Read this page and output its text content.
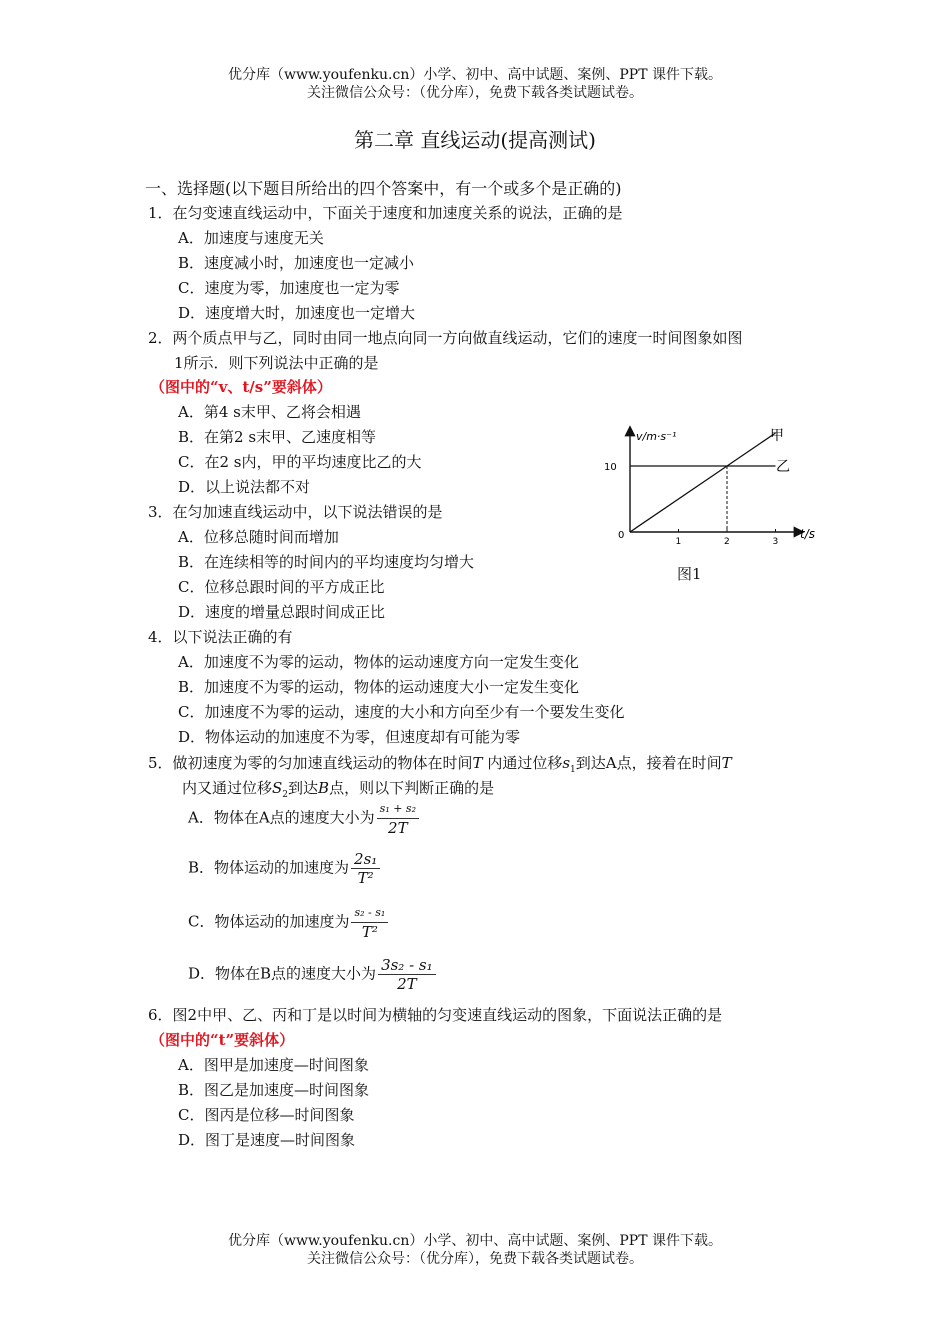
优分库（www.youfenku.cn）小学、初中、高中试题、案例、PPT 课件下载。
关注微信公众号：（优分库），免费下载各类试题试卷。
第二章 直线运动(提高测试)
一、选择题(以下题目所给出的四个答案中，有一个或多个是正确的)
1．在匀变速直线运动中，下面关于速度和加速度关系的说法，正确的是
A．加速度与速度无关
B．速度减小时，加速度也一定减小
C．速度为零，加速度也一定为零
D．速度增大时，加速度也一定增大
2．两个质点甲与乙，同时由同一地点向同一方向做直线运动，它们的速度一时间图象如图
1所示．则下列说法中正确的是
（图中的“v、t/s”要斜体）
A．第4 s末甲、乙将会相遇
B．在第2 s末甲、乙速度相等
C．在2 s内，甲的平均速度比乙的大
D．以上说法都不对
v/m·s⁻¹
t/s
10
0
1	2	3
甲
乙
图1
3．在匀加速直线运动中，以下说法错误的是
A．位移总随时间而增加
B．在连续相等的时间内的平均速度均匀增大
C．位移总跟时间的平方成正比
D．速度的增量总跟时间成正比
4．以下说法正确的有
A．加速度不为零的运动，物体的运动速度方向一定发生变化
B．加速度不为零的运动，物体的运动速度大小一定发生变化
C．加速度不为零的运动，速度的大小和方向至少有一个要发生变化
D．物体运动的加速度不为零，但速度却有可能为零
5．做初速度为零的匀加速直线运动的物体在时间T 内通过位移$s_1$到达A点，接着在时间T
内又通过位移$S_2$到达B点，则以下判断正确的是
A．物体在A点的速度大小为 $\frac{\text{s₁ + s₂}}{2T}$
B．物体运动的加速度为 $\frac{\text{2s₁}}{\text{T²}}$
C．物体运动的加速度为 $\frac{\text{s₂ - s₁}}{\text{T²}}$
D．物体在B点的速度大小为 $\frac{\text{3s₂ - s₁}}{2T}$
6．图2中甲、乙、丙和丁是以时间为横轴的匀变速直线运动的图象，下面说法正确的是
（图中的“t”要斜体）
A．图甲是加速度—时间图象
B．图乙是加速度—时间图象
C．图丙是位移—时间图象
D．图丁是速度—时间图象
优分库（www.youfenku.cn）小学、初中、高中试题、案例、PPT 课件下载。
关注微信公众号：（优分库），免费下载各类试题试卷。
